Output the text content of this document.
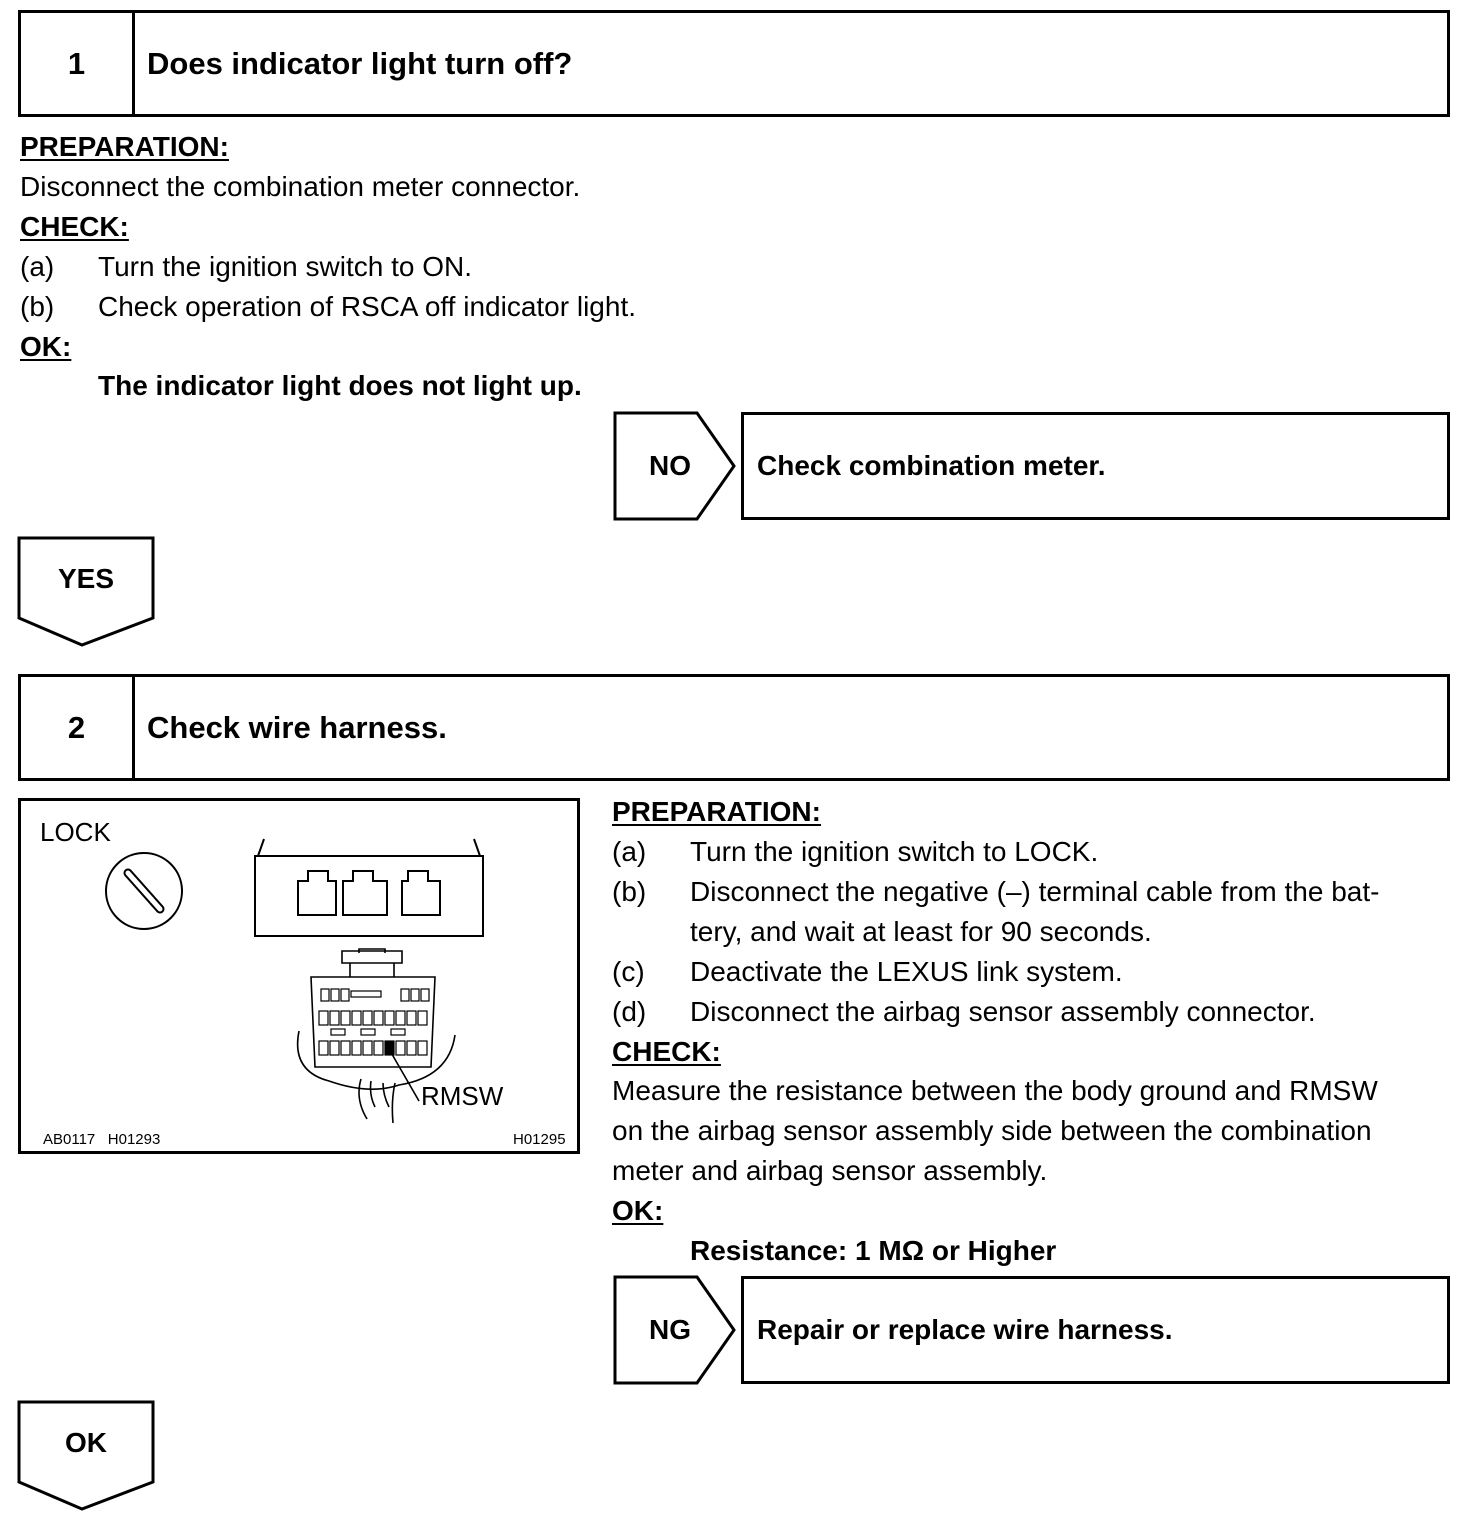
1	Does indicator light turn off?
PREPARATION:
Disconnect the combination meter connector.
CHECK:
(a)	Turn the ignition switch to ON.
(b)	Check operation of RSCA off indicator light.
OK:
The indicator light does not light up.
NO	Check combination meter.
YES
2	Check wire harness.
LOCK
RMSW
AB0117   H01293	H01295
PREPARATION:
(a)	Turn the ignition switch to LOCK.
(b)	Disconnect the negative (–) terminal cable from the bat-
tery, and wait at least for 90 seconds.
(c)	Deactivate the LEXUS link system.
(d)	Disconnect the airbag sensor assembly connector.
CHECK:
Measure the resistance between the body ground and RMSW
on the airbag sensor assembly side between the combination
meter and airbag sensor assembly.
OK:
Resistance: 1 MΩ or Higher
NG	Repair or replace wire harness.
OK
